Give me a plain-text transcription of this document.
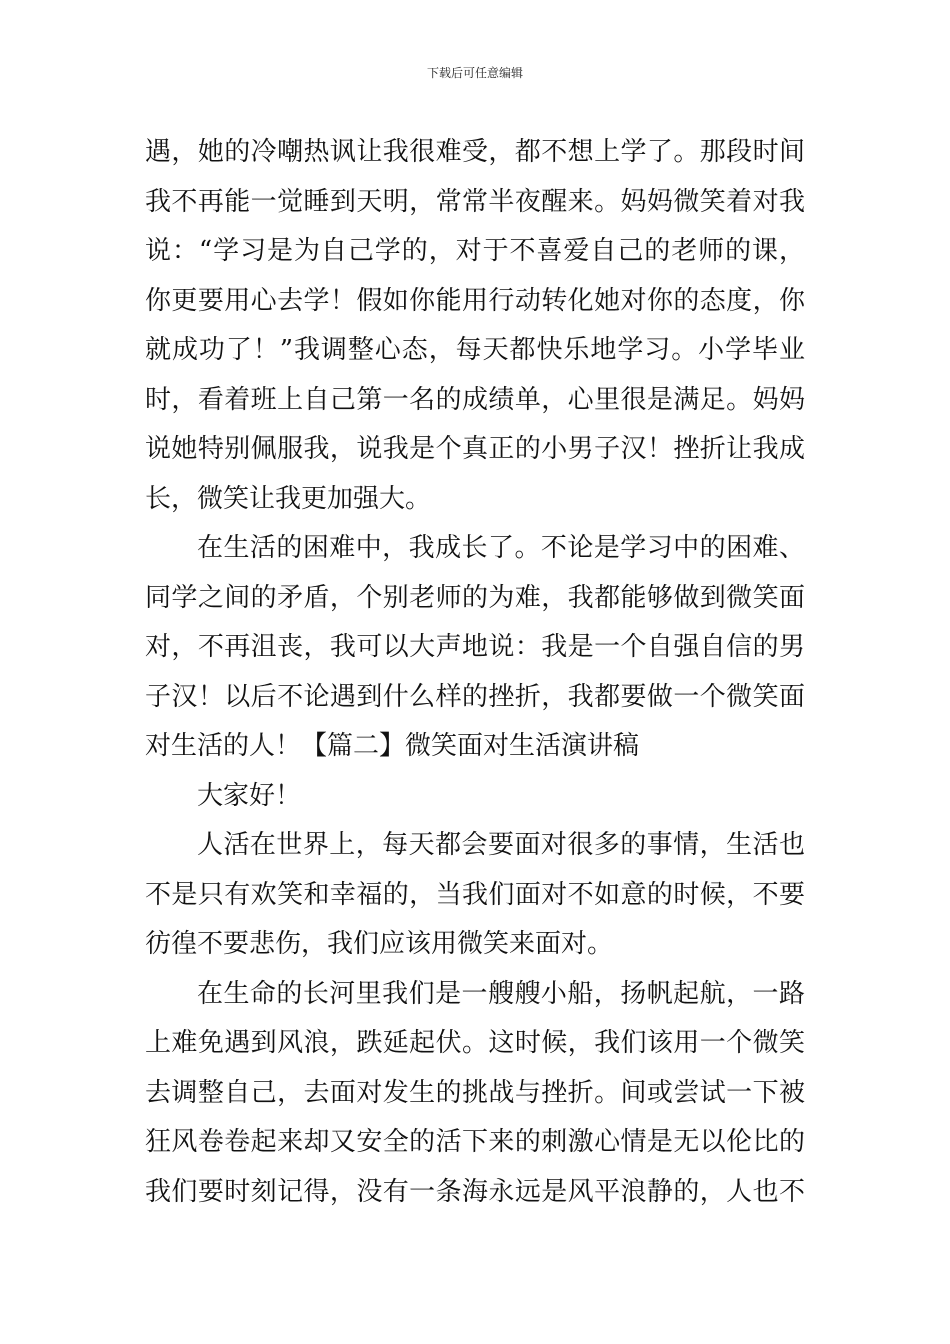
下载后可任意编辑
遇，她的冷嘲热讽让我很难受，都不想上学了。那段时间
我不再能一觉睡到天明，常常半夜醒来。妈妈微笑着对我
说：“学习是为自己学的，对于不喜爱自己的老师的课，
你更要用心去学！假如你能用行动转化她对你的态度，你
就成功了！”我调整心态，每天都快乐地学习。小学毕业
时，看着班上自己第一名的成绩单，心里很是满足。妈妈
说她特别佩服我，说我是个真正的小男子汉！挫折让我成
长，微笑让我更加强大。
在生活的困难中，我成长了。不论是学习中的困难、
同学之间的矛盾，个别老师的为难，我都能够做到微笑面
对，不再沮丧，我可以大声地说：我是一个自强自信的男
子汉！以后不论遇到什么样的挫折，我都要做一个微笑面
对生活的人！【篇二】微笑面对生活演讲稿
大家好！
人活在世界上，每天都会要面对很多的事情，生活也
不是只有欢笑和幸福的，当我们面对不如意的时候，不要
彷徨不要悲伤，我们应该用微笑来面对。
在生命的长河里我们是一艘艘小船，扬帆起航，一路
上难免遇到风浪，跌延起伏。这时候，我们该用一个微笑
去调整自己，去面对发生的挑战与挫折。间或尝试一下被
狂风卷卷起来却又安全的活下来的刺激心情是无以伦比的
我们要时刻记得，没有一条海永远是风平浪静的，人也不
